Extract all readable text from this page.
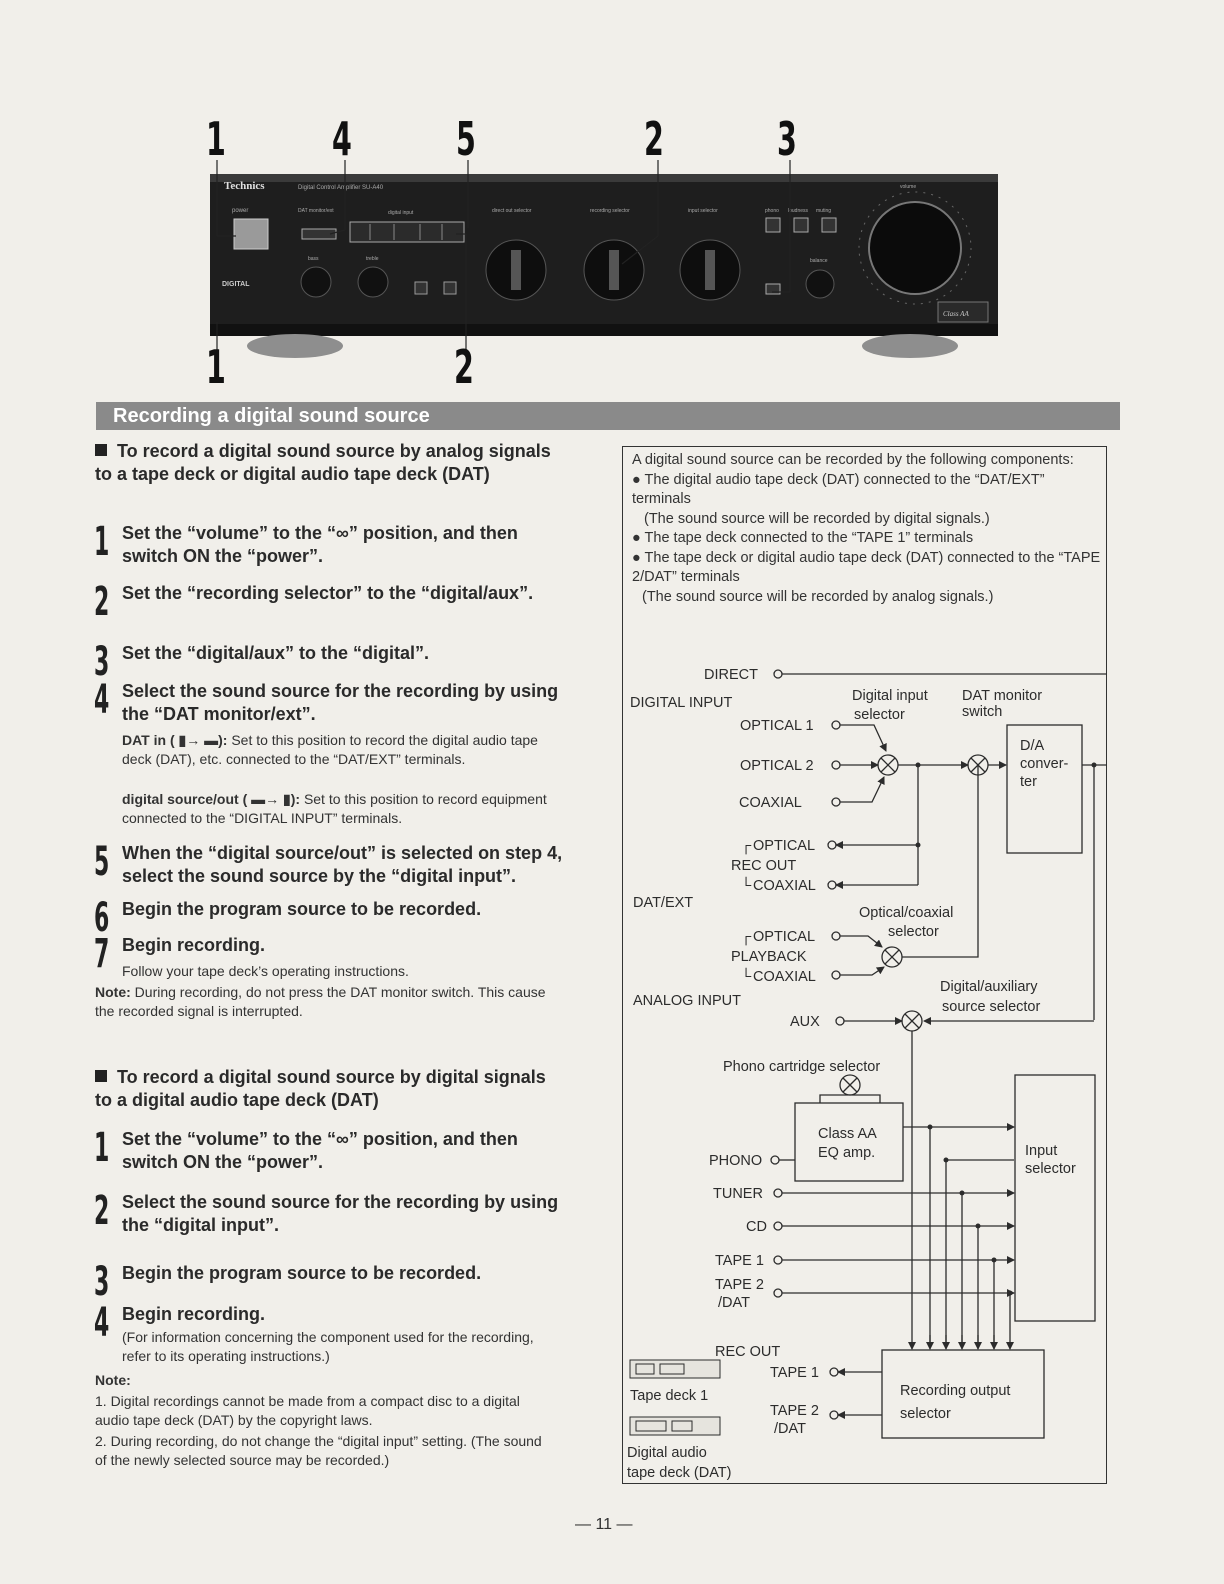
Technics	Digital Control Amplifier SU-A40
power
DIGITAL
DAT monitor/ext	digital input
bass	treble
direct out selector	recording selector	input selector	phono loudness muting
balance
volume
Class AA
1 4 5	2 3
1	2
Recording a digital sound source
To record a digital sound source by analog signals to a tape deck or digital audio tape deck (DAT)
1 Set the “volume” to the “∞” position, and then switch ON the “power”.
2 Set the “recording selector” to the “digital/aux”.
3 Set the “digital/aux” to the “digital”.
4 Select the sound source for the recording by using the “DAT monitor/ext”.
DAT in ( ▮→ ▬): Set to this position to record the digital audio tape deck (DAT), etc. connected to the “DAT/EXT” terminals.
digital source/out ( ▬→ ▮): Set to this position to record equipment connected to the “DIGITAL INPUT” terminals.
5 When the “digital source/out” is selected on step 4, select the sound source by the “digital input”.
6 Begin the program source to be recorded.
7 Begin recording.
Follow your tape deck’s operating instructions.
Note: During recording, do not press the DAT monitor switch. This cause the recorded signal is interrupted.
To record a digital sound source by digital signals to a digital audio tape deck (DAT)
1 Set the “volume” to the “∞” position, and then switch ON the “power”.
2 Select the sound source for the recording by using the “digital input”.
3 Begin the program source to be recorded.
4 Begin recording.
(For information concerning the component used for the recording, refer to its operating instructions.)
Note:
1. Digital recordings cannot be made from a compact disc to a digital audio tape deck (DAT) by the copyright laws.
2. During recording, do not change the “digital input” setting. (The sound of the newly selected source may be recorded.)

A digital sound source can be recorded by the following components:

● The digital audio tape deck (DAT) connected to the “DAT/EXT” terminals

(The sound source will be recorded by digital signals.)

● The tape deck connected to the “TAPE 1” terminals

● The tape deck or digital audio tape deck (DAT) connected to the “TAPE 2/DAT” terminals

(The sound source will be recorded by analog signals.)

DIRECT
DIGITAL INPUT
OPTICAL 1
OPTICAL 2
COAXIAL
Digital input
selector
DAT monitor
switch
D/A
conver-
ter
OPTICAL
REC OUT
COAXIAL
┌
└
DAT/EXT
Optical/coaxial
selector
OPTICAL
PLAYBACK
COAXIAL
┌
└
ANALOG INPUT
Digital/auxiliary
source selector
AUX
Phono cartridge selector
Class AA
EQ amp.	Input
selector
PHONO
TUNER
CD
TAPE 1
TAPE 2
/DAT
REC OUT
TAPE 1
TAPE 2
/DAT
Recording output
selector
Tape deck 1
Digital audio
tape deck (DAT)
— 11 —
